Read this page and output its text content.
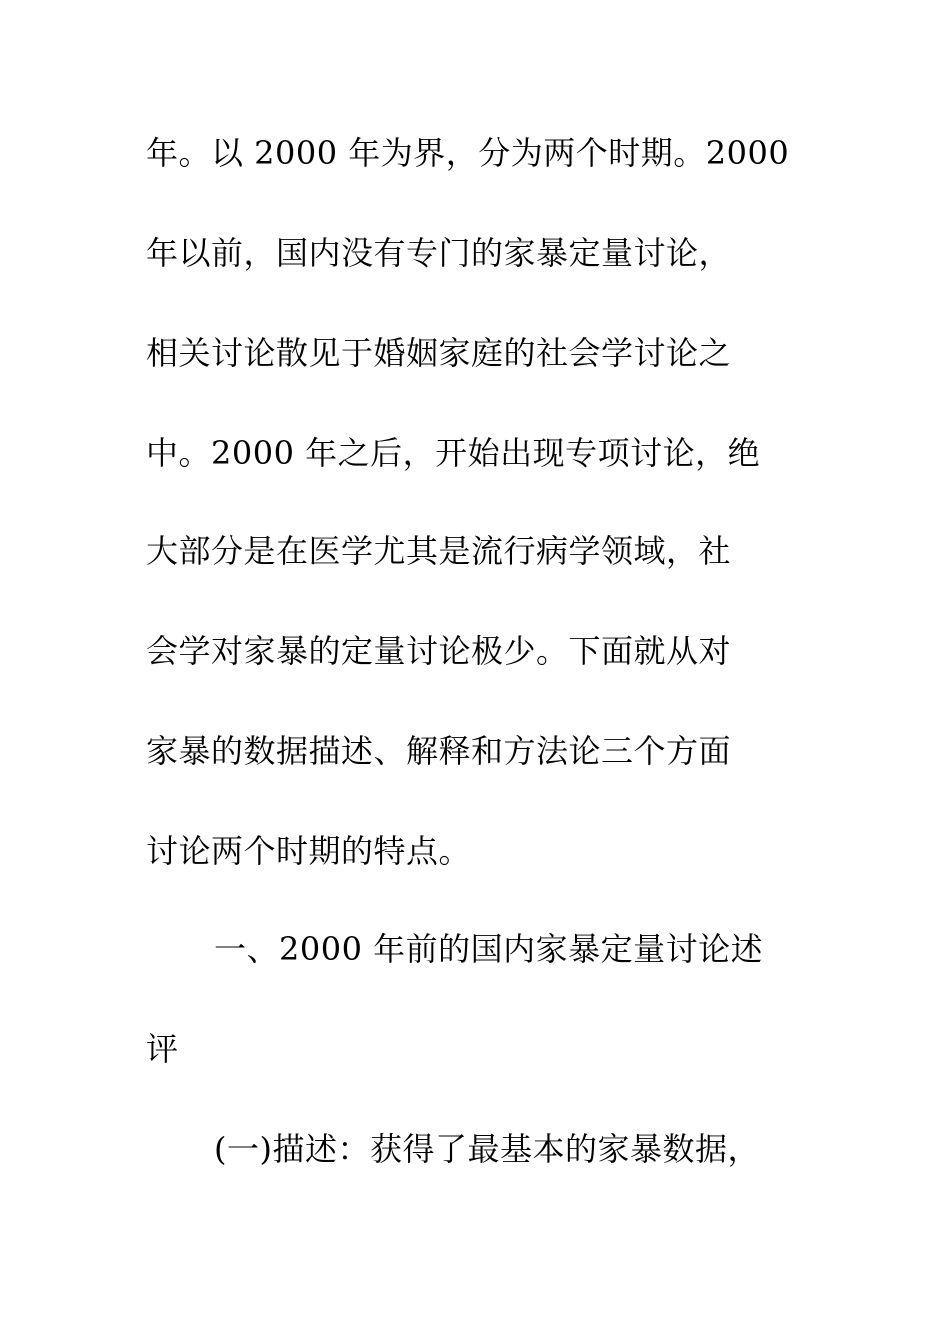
年。以 2000 年为界，分为两个时期。2000
年以前，国内没有专门的家暴定量讨论，
相关讨论散见于婚姻家庭的社会学讨论之
中。2000 年之后，开始出现专项讨论，绝
大部分是在医学尤其是流行病学领域，社
会学对家暴的定量讨论极少。下面就从对
家暴的数据描述、解释和方法论三个方面
讨论两个时期的特点。
一、2000 年前的国内家暴定量讨论述
评
(一)描述：获得了最基本的家暴数据，
